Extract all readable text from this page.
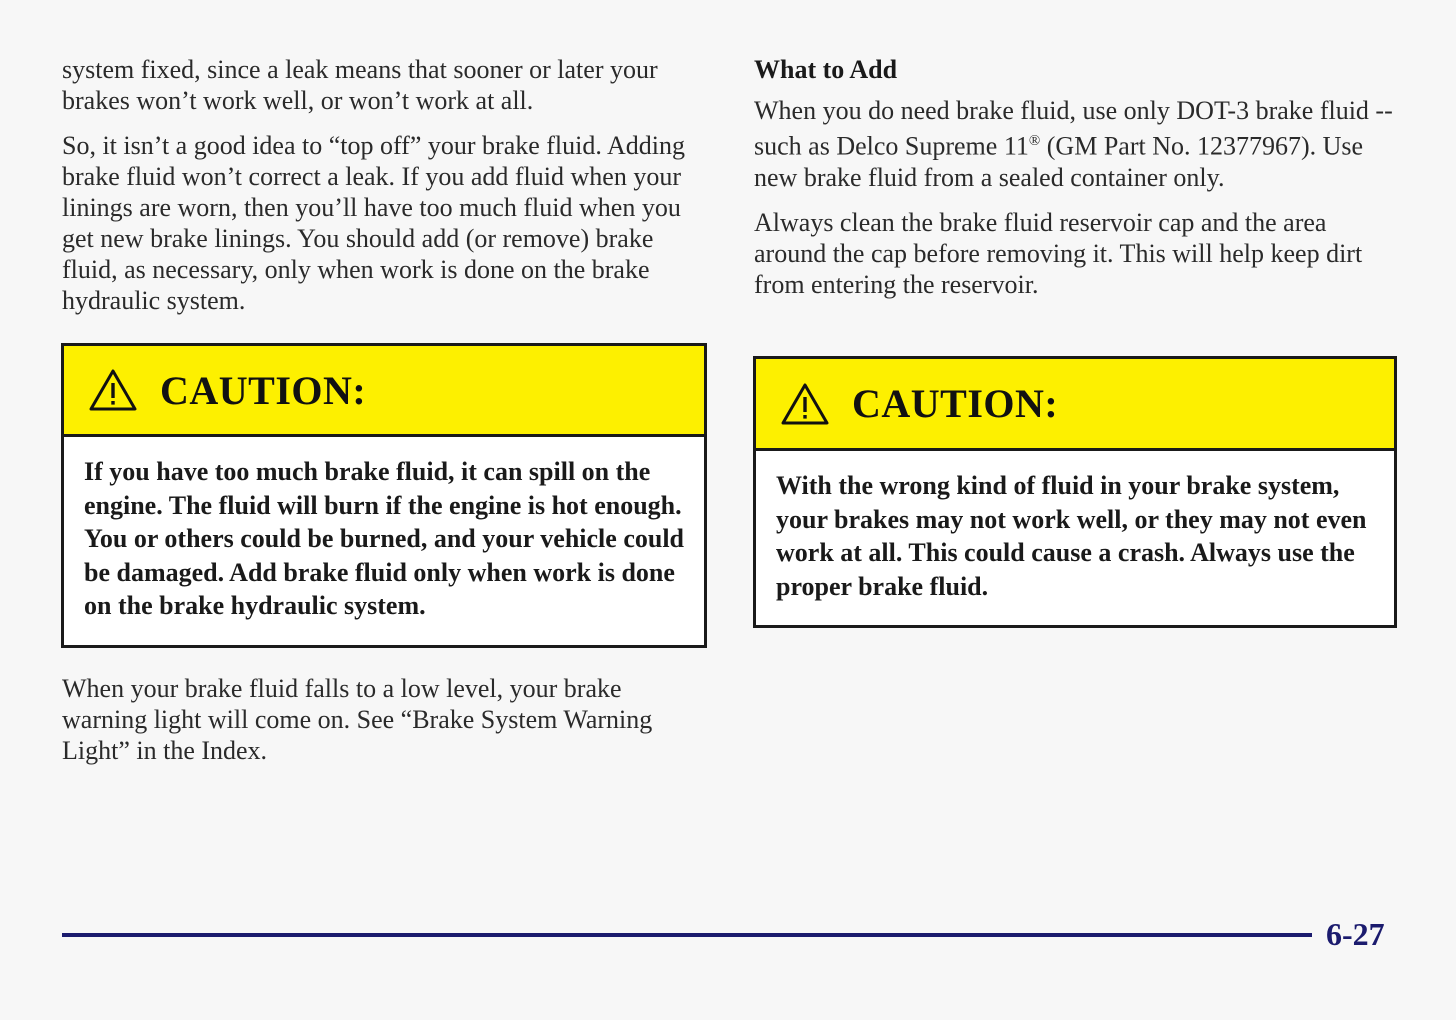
system fixed, since a leak means that sooner or later your brakes won’t work well, or won’t work at all.

So, it isn’t a good idea to “top off” your brake fluid. Adding brake fluid won’t correct a leak. If you add fluid when your linings are worn, then you’ll have too much fluid when you get new brake linings. You should add (or remove) brake fluid, as necessary, only when work is done on the brake hydraulic system.

CAUTION:
If you have too much brake fluid, it can spill on the engine. The fluid will burn if the engine is hot enough. You or others could be burned, and your vehicle could be damaged. Add brake fluid only when work is done on the brake hydraulic system.

When your brake fluid falls to a low level, your brake warning light will come on. See “Brake System Warning Light” in the Index.

What to Add

When you do need brake fluid, use only DOT-3 brake fluid -- such as Delco Supreme 11® (GM Part No. 12377967). Use new brake fluid from a sealed container only.

Always clean the brake fluid reservoir cap and the area around the cap before removing it. This will help keep dirt from entering the reservoir.

CAUTION:
With the wrong kind of fluid in your brake system, your brakes may not work well, or they may not even work at all. This could cause a crash. Always use the proper brake fluid.
6-27
